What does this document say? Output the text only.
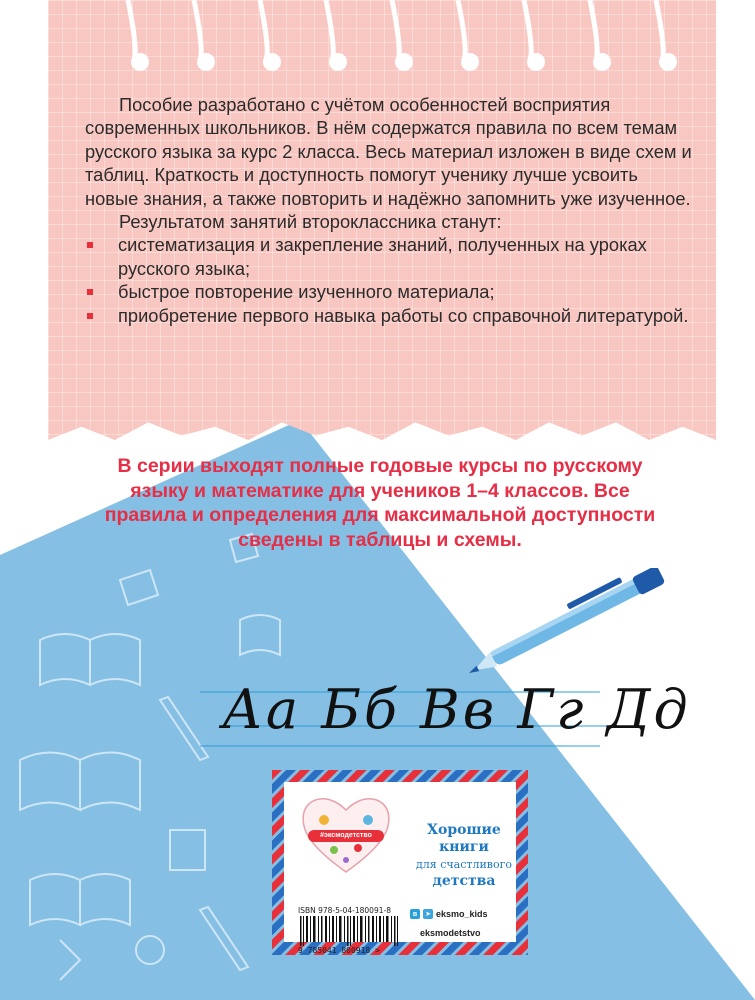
Пособие разработано с учётом особенностей восприятия современных школьников. В нём содержатся правила по всем темам русского языка за курс 2 класса. Весь материал изложен в виде схем и таблиц. Краткость и доступность помогут ученику лучше усвоить новые знания, а также повторить и надёжно запомнить уже изученное.

Результатом занятий второклассника станут:

систематизация и закрепление знаний, полученных на уроках русского языка;
быстрое повторение изученного материала;
приобретение первого навыка работы со справочной литературой.
В серии выходят полные годовые курсы по русскому языку и математике для учеников 1–4 классов. Все правила и определения для максимальной доступности сведены в таблицы и схемы.
Аа Бб Вв Гг Дд
#эксмодетство	Хорошие
книги
для счастливого
детства
ISBN 978-5-04-180091-8
9 785041 800918 >
в	➤ eksmo_kids
eksmodetstvo
